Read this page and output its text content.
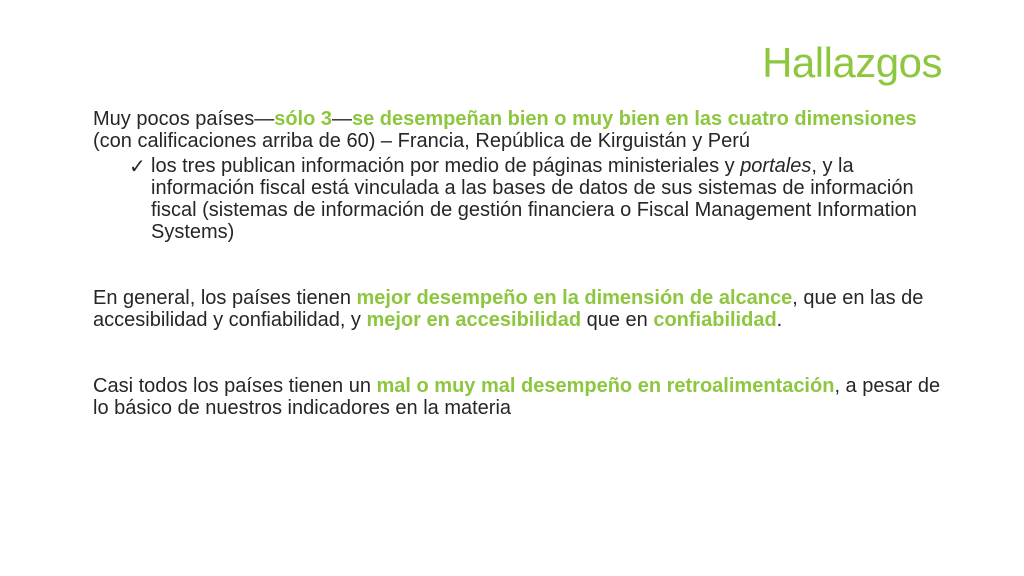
Hallazgos

Muy pocos países—sólo 3—se desempeñan bien o muy bien en las cuatro dimensiones (con calificaciones arriba de 60) – Francia, República de Kirguistán y Perú

✓ los tres publican información por medio de páginas ministeriales y portales, y la información fiscal está vinculada a las bases de datos de sus sistemas de información fiscal (sistemas de información de gestión financiera o Fiscal Management Information Systems)

En general, los países tienen mejor desempeño en la dimensión de alcance, que en las de accesibilidad y confiabilidad, y mejor en accesibilidad que en confiabilidad.

Casi todos los países tienen un mal o muy mal desempeño en retroalimentación, a pesar de lo básico de nuestros indicadores en la materia
